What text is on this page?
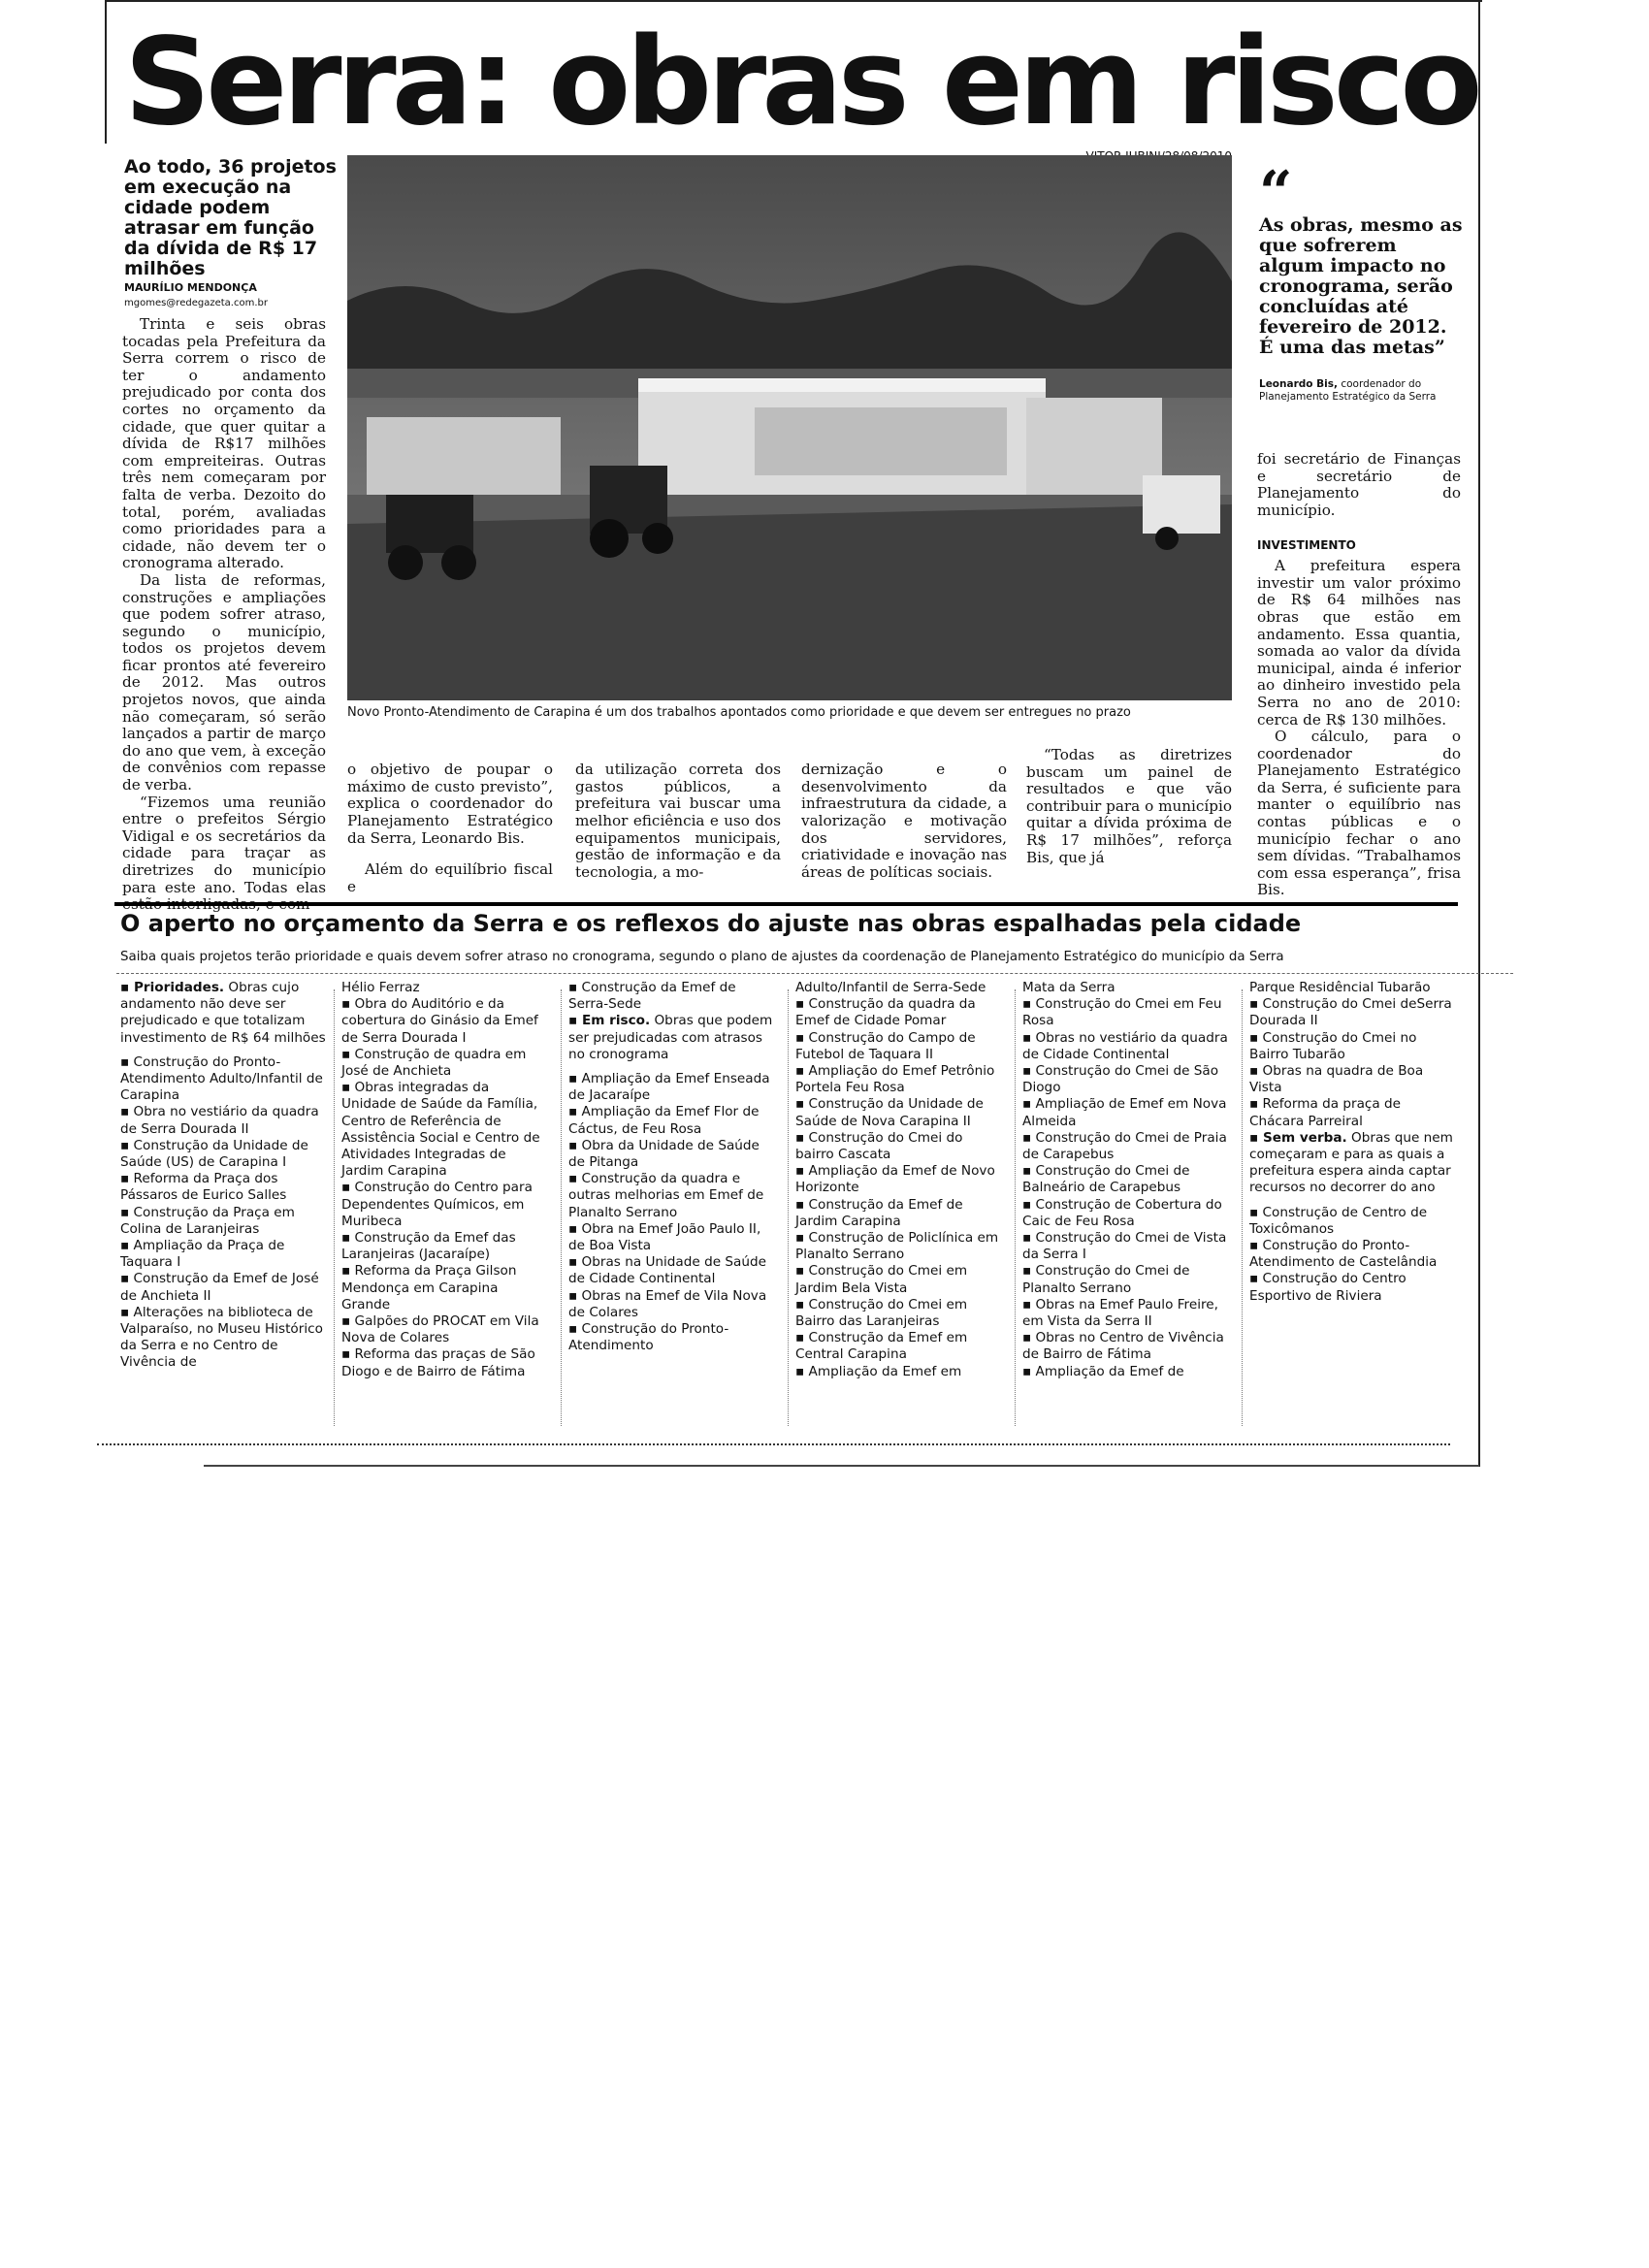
Serra: obras em risco
Ao todo, 36 projetos em execução na cidade podem atrasar em função da dívida de R$ 17 milhões
MAURÍLIO MENDONÇA
mgomes@redegazeta.com.br

Trinta e seis obras tocadas pela Prefeitura da Serra correm o risco de ter o andamento prejudicado por conta dos cortes no orçamento da cidade, que quer quitar a dívida de R$17 milhões com empreiteiras. Outras três nem começaram por falta de verba. Dezoito do total, porém, avaliadas como prioridades para a cidade, não devem ter o cronograma alterado.

Da lista de reformas, construções e ampliações que podem sofrer atraso, segundo o município, todos os projetos devem ficar prontos até fevereiro de 2012. Mas outros projetos novos, que ainda não começaram, só serão lançados a partir de março do ano que vem, à exceção de convênios com repasse de verba.

“Fizemos uma reunião entre o prefeitos Sérgio Vidigal e os secretários da cidade para traçar as diretrizes do município para este ano. Todas elas

Novo Pronto-Atendimento de Carapina é um dos trabalhos apontados como prioridade e que devem ser entregues no prazo

o objetivo de poupar o máximo de custo previsto”, explica o coordenador do Planejamento Estratégico da Serra, Leonardo Bis.

Além do equilíbrio fiscal e

da utilização correta dos gastos públicos, a prefeitura vai buscar uma melhor eficiência e uso dos equipamentos municipais, gestão de informação e da tecnologia, a mo-

dernização e o desenvolvimento da infraestrutura da cidade, a valorização e motivação dos servidores, criatividade e inovação nas áreas de políticas sociais.

“Todas as diretrizes buscam um painel de resultados e que vão contribuir para o município quitar a dívida próxima de R$ 17 milhões”, reforça Bis, que já

“
As obras, mesmo as que sofrerem algum impacto no cronograma, serão concluídas até fevereiro de 2012. É uma das metas”
Leonardo Bis, coordenador do Planejamento Estratégico da Serra

foi secretário de Finanças e secretário de Planejamento do município.

INVESTIMENTO

A prefeitura espera investir um valor próximo de R$ 64 milhões nas obras que estão em andamento. Essa quantia, somada ao valor da dívida municipal, ainda é inferior ao dinheiro investido pela Serra no ano de 2010: cerca de R$ 130 milhões.

O cálculo, para o coordenador do Planejamento Estratégico da Serra, é suficiente para manter o equilíbrio nas contas públicas e o município fechar o ano sem dívidas. “Trabalhamos com essa esperança”, frisa Bis.

O aperto no orçamento da Serra e os reflexos do ajuste nas obras espalhadas pela cidade
Saiba quais projetos terão prioridade e quais devem sofrer atraso no cronograma, segundo o plano de ajustes da coordenação de Planejamento Estratégico do município da Serra

▪ Prioridades. Obras cujo andamento não deve ser prejudicado e que totalizam investimento de R$ 64 milhões

▪ Construção do Pronto-Atendimento Adulto/Infantil de Carapina

▪ Obra no vestiário da quadra de Serra Dourada II

▪ Construção da Unidade de Saúde (US) de Carapina I

▪ Reforma da Praça dos Pássaros de Eurico Salles

▪ Construção da Praça em Colina de Laranjeiras

▪ Ampliação da Praça de Taquara I

▪ Construção da Emef de José de Anchieta II

▪ Alterações na biblioteca de Valparaíso, no Museu Histórico da Serra e no Centro de Vivência de

Hélio Ferraz

▪ Obra do Auditório e da cobertura do Ginásio da Emef de Serra Dourada I

▪ Construção de quadra em José de Anchieta

▪ Obras integradas da Unidade de Saúde da Família, Centro de Referência de Assistência Social e Centro de Atividades Integradas de Jardim Carapina

▪ Construção do Centro para Dependentes Químicos, em Muribeca

▪ Construção da Emef das Laranjeiras (Jacaraípe)

▪ Reforma da Praça Gilson Mendonça em Carapina Grande

▪ Galpões do PROCAT em Vila Nova de Colares

▪ Reforma das praças de São Diogo e de Bairro de Fátima

▪ Construção da Emef de Serra-Sede

▪ Em risco. Obras que podem ser prejudicadas com atrasos no cronograma

▪ Ampliação da Emef Enseada de Jacaraípe

▪ Ampliação da Emef Flor de Cáctus, de Feu Rosa

▪ Obra da Unidade de Saúde de Pitanga

▪ Construção da quadra e outras melhorias em Emef de Planalto Serrano

▪ Obra na Emef João Paulo II, de Boa Vista

▪ Obras na Unidade de Saúde de Cidade Continental

▪ Obras na Emef de Vila Nova de Colares

▪ Construção do Pronto-Atendimento

Adulto/Infantil de Serra-Sede

▪ Construção da quadra da Emef de Cidade Pomar

▪ Construção do Campo de Futebol de Taquara II

▪ Ampliação do Emef Petrônio Portela Feu Rosa

▪ Construção da Unidade de Saúde de Nova Carapina II

▪ Construção do Cmei do bairro Cascata

▪ Ampliação da Emef de Novo Horizonte

▪ Construção da Emef de Jardim Carapina

▪ Construção de Policlínica em Planalto Serrano

▪ Construção do Cmei em Jardim Bela Vista

▪ Construção do Cmei em Bairro das Laranjeiras

▪ Construção da Emef em Central Carapina

▪ Ampliação da Emef em

Mata da Serra

▪ Construção do Cmei em Feu Rosa

▪ Obras no vestiário da quadra de Cidade Continental

▪ Construção do Cmei de São Diogo

▪ Ampliação de Emef em Nova Almeida

▪ Construção do Cmei de Praia de Carapebus

▪ Construção do Cmei de Balneário de Carapebus

▪ Construção de Cobertura do Caic de Feu Rosa

▪ Construção do Cmei de Vista da Serra I

▪ Construção do Cmei de Planalto Serrano

▪ Obras na Emef Paulo Freire, em Vista da Serra II

▪ Obras no Centro de Vivência de Bairro de Fátima

▪ Ampliação da Emef de

Parque Residêncial Tubarão

▪ Construção do Cmei deSerra Dourada II

▪ Construção do Cmei no Bairro Tubarão

▪ Obras na quadra de Boa Vista

▪ Reforma da praça de Chácara Parreiral

▪ Sem verba. Obras que nem começaram e para as quais a prefeitura espera ainda captar recursos no decorrer do ano

▪ Construção de Centro de Toxicômanos

▪ Construção do Pronto-Atendimento de Castelândia

▪ Construção do Centro Esportivo de Riviera
